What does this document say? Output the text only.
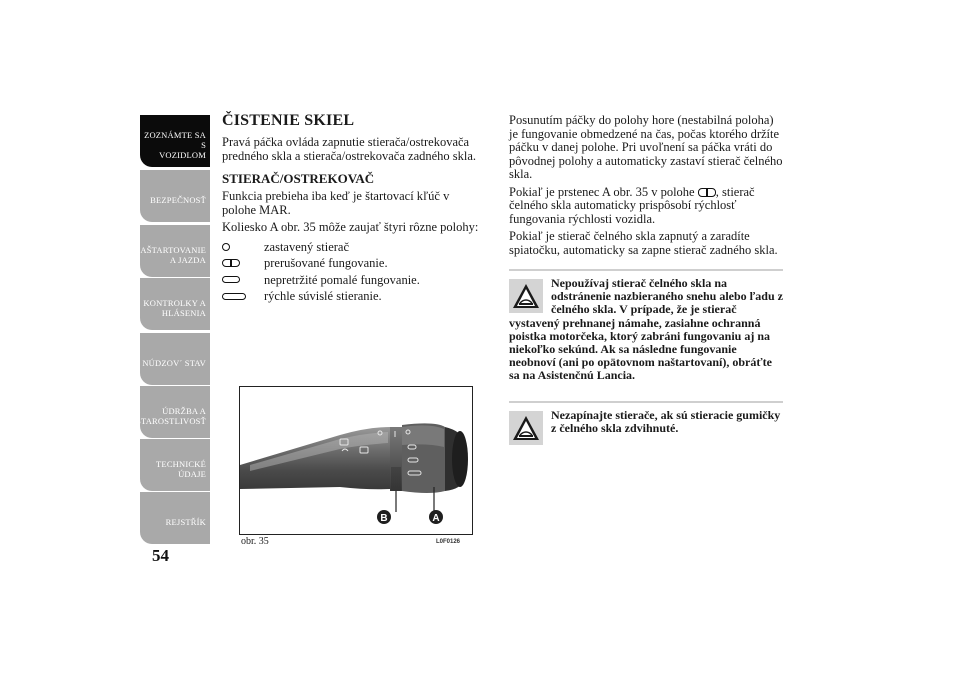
ZOZNÁMTE SA S
VOZIDLOM
BEZPEČNOSŤ
NAŠTARTOVANIE
A JAZDA
KONTROLKY A
HLÁSENIA
NÚDZOV´ STAV
ÚDRŽBA A
STAROSTLIVOSŤ
TECHNICKÉ
ÚDAJE
REJSTŘÍK
54
ČISTENIE SKIEL

Pravá páčka ovláda zapnutie stierača/ostrekovača predného skla a stierača/ostrekovača zadného skla.

STIERAČ/OSTREKOVAČ

Funkcia prebieha iba keď je štartovací kľúč v polohe MAR.

Koliesko A obr. 35 môže zaujať štyri rôzne polohy:

zastavený stierač
prerušované fungovanie.
nepretržité pomalé fungovanie.
rýchle súvislé stieranie.
B	A
obr. 35	L0F0126

Posunutím páčky do polohy hore (nestabilná poloha) je fungovanie obmedzené na čas, počas ktorého držíte páčku v danej polohe. Pri uvoľnení sa páčka vráti do pôvodnej polohy a automaticky zastaví stierač čelného skla.

Pokiaľ je prstenec A obr. 35 v polohe , stierač čelného skla automaticky prispôsobí rýchlosť fungovania rýchlosti vozidla.

Pokiaľ je stierač čelného skla zapnutý a zaradíte spiatočku, automaticky sa zapne stierač zadného skla.

Nepoužívaj stierač čelného skla na odstránenie nazbieraného snehu alebo ľadu z čelného skla. V prípade, že je stierač vystavený prehnanej námahe, zasiahne ochranná poistka motorčeka, ktorý zabráni fungovaniu aj na niekoľko sekúnd. Ak sa následne fungovanie neobnoví (ani po opätovnom naštartovaní), obráťte sa na Asistenčnú Lancia.
Nezapínajte stierače, ak sú stieracie gumičky z čelného skla zdvihnuté.
